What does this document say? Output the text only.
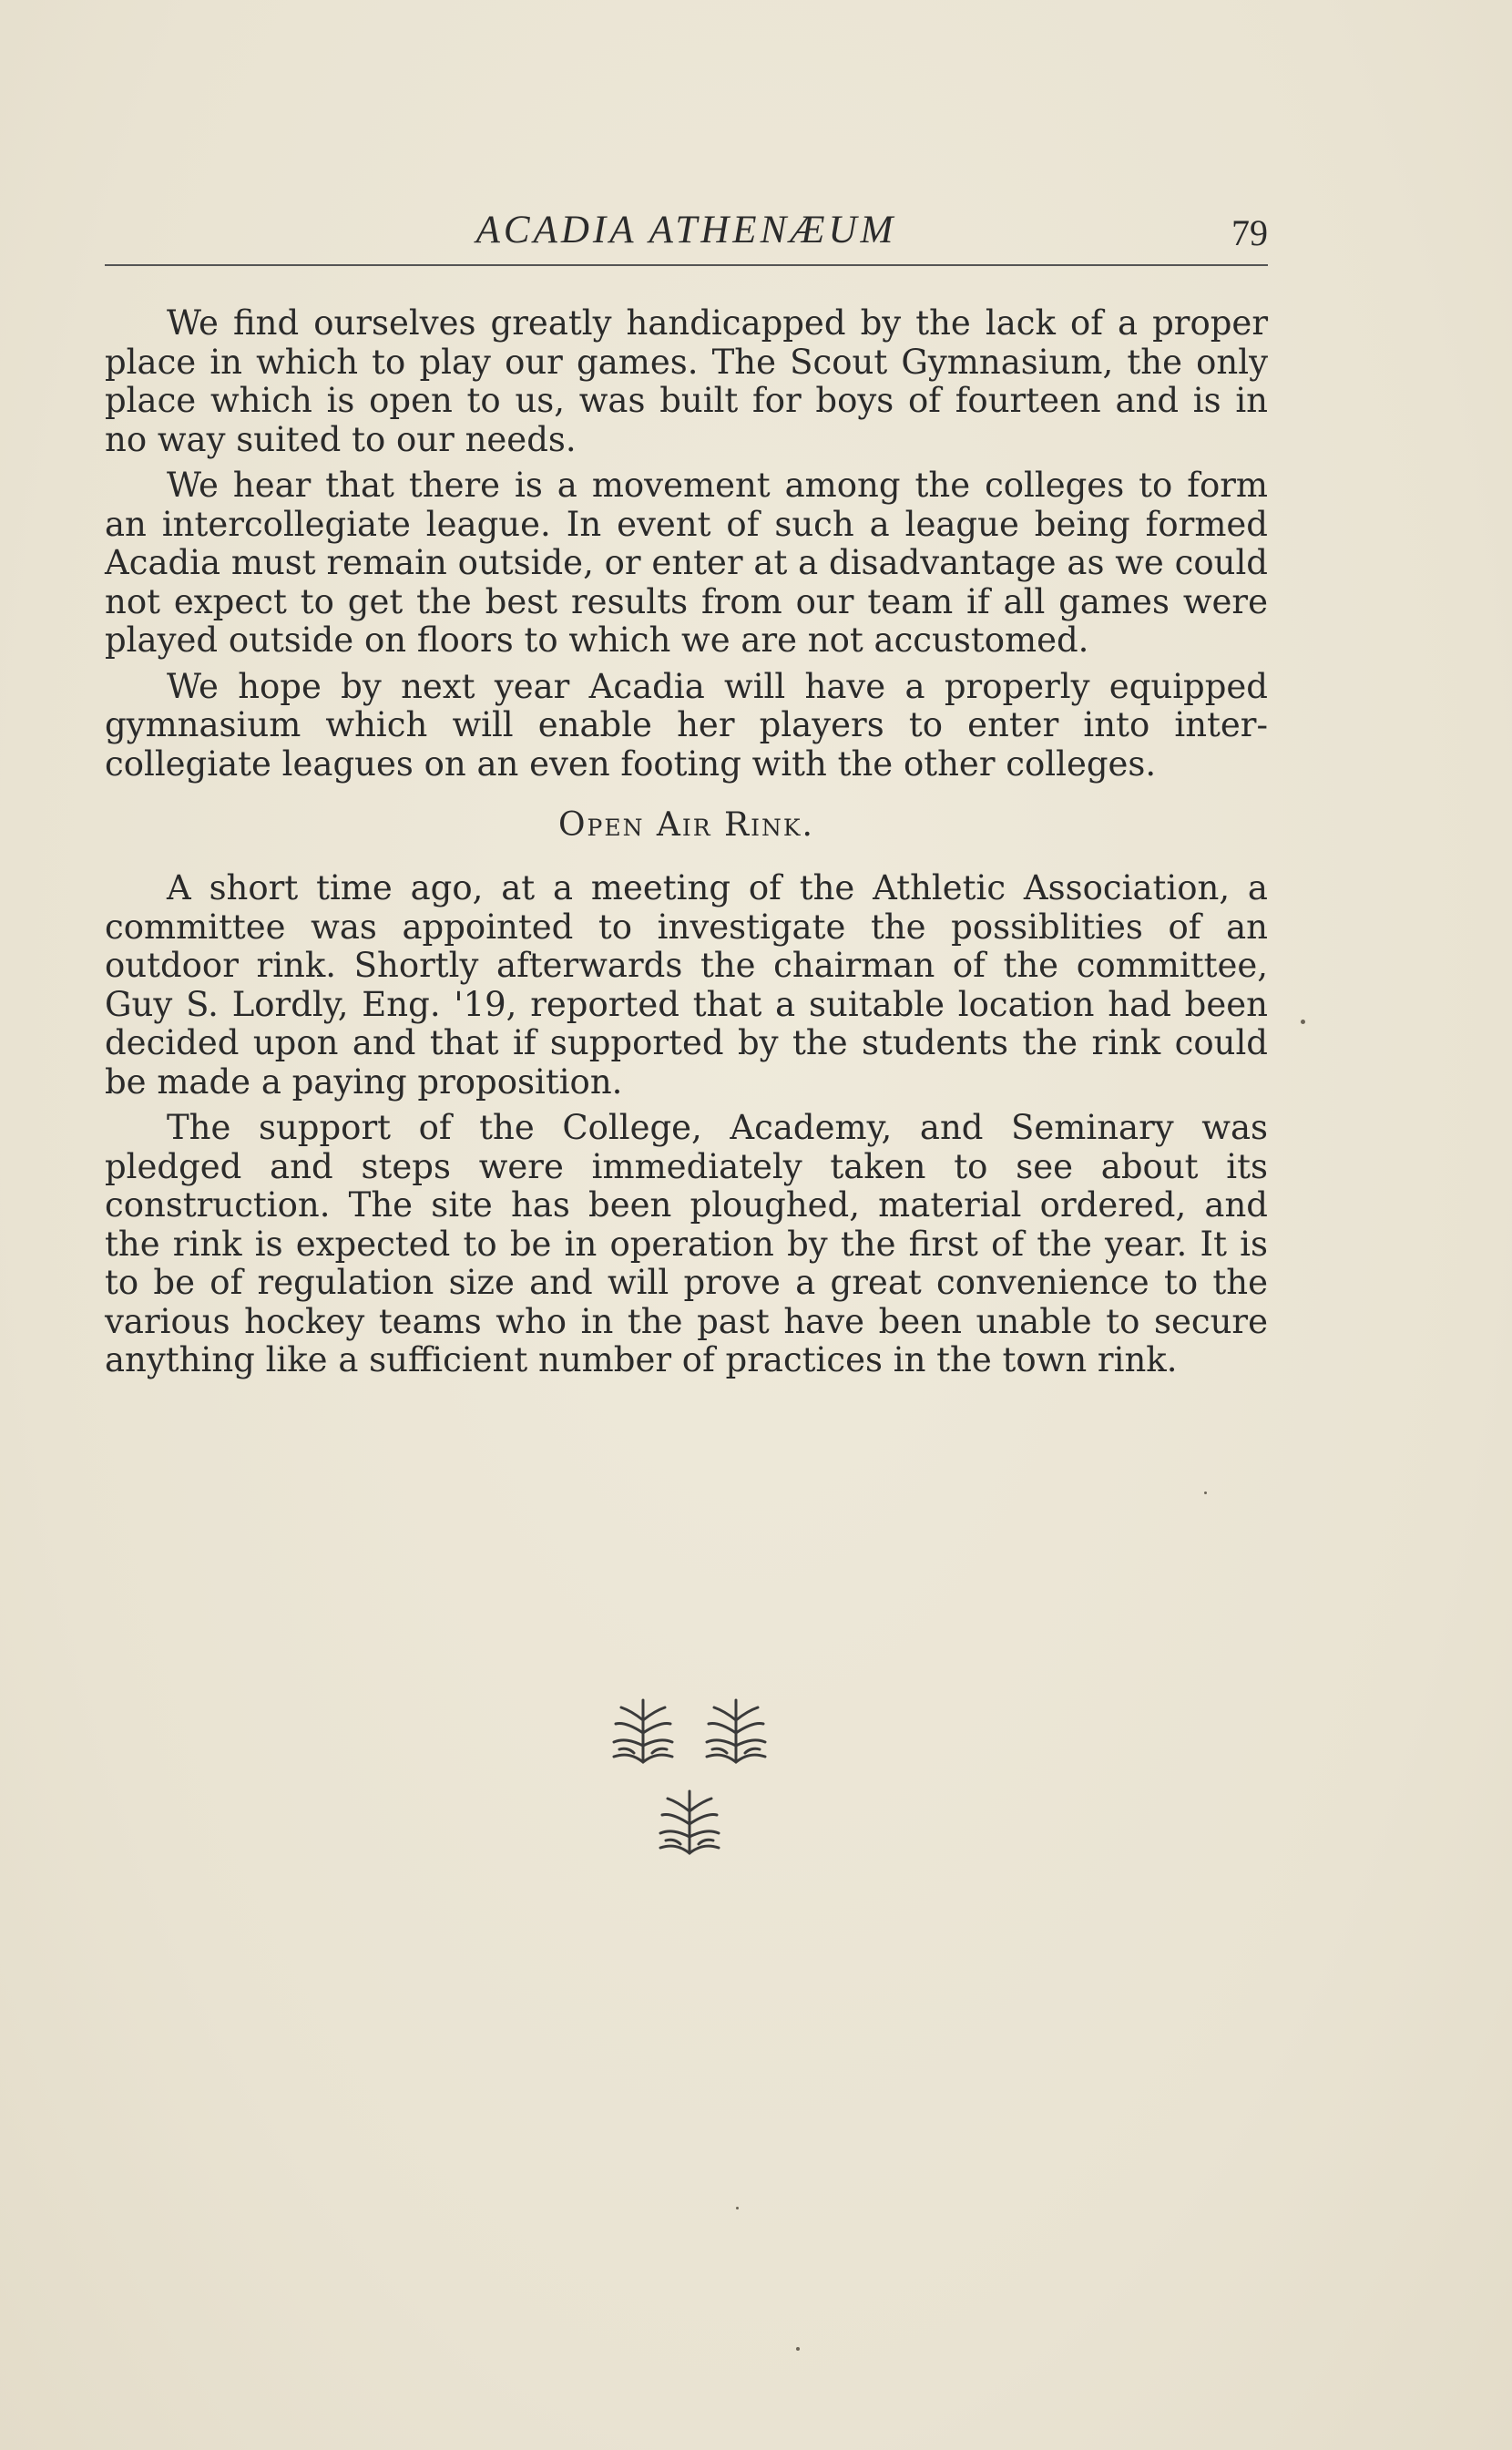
ACADIA ATHENÆUM	79

We find ourselves greatly handicapped by the lack of a proper place in which to play our games. The Scout Gymnasium, the only place which is open to us, was built for boys of fourteen and is in no way suited to our needs.

We hear that there is a movement among the colleges to form an intercollegiate league. In event of such a league being formed Acadia must remain outside, or enter at a disadvantage as we could not expect to get the best results from our team if all games were played outside on floors to which we are not accustomed.

We hope by next year Acadia will have a properly equipped gymnasium which will enable her players to enter into intercollegiate leagues on an even footing with the other colleges.

Open Air Rink.

A short time ago, at a meeting of the Athletic Association, a committee was appointed to investigate the possiblities of an outdoor rink. Shortly afterwards the chairman of the committee, Guy S. Lordly, Eng. '19, reported that a suitable location had been decided upon and that if supported by the students the rink could be made a paying proposition.

The support of the College, Academy, and Seminary was pledged and steps were immediately taken to see about its construction. The site has been ploughed, material ordered, and the rink is expected to be in operation by the first of the year. It is to be of regulation size and will prove a great convenience to the various hockey teams who in the past have been unable to secure anything like a sufficient number of practices in the town rink.
